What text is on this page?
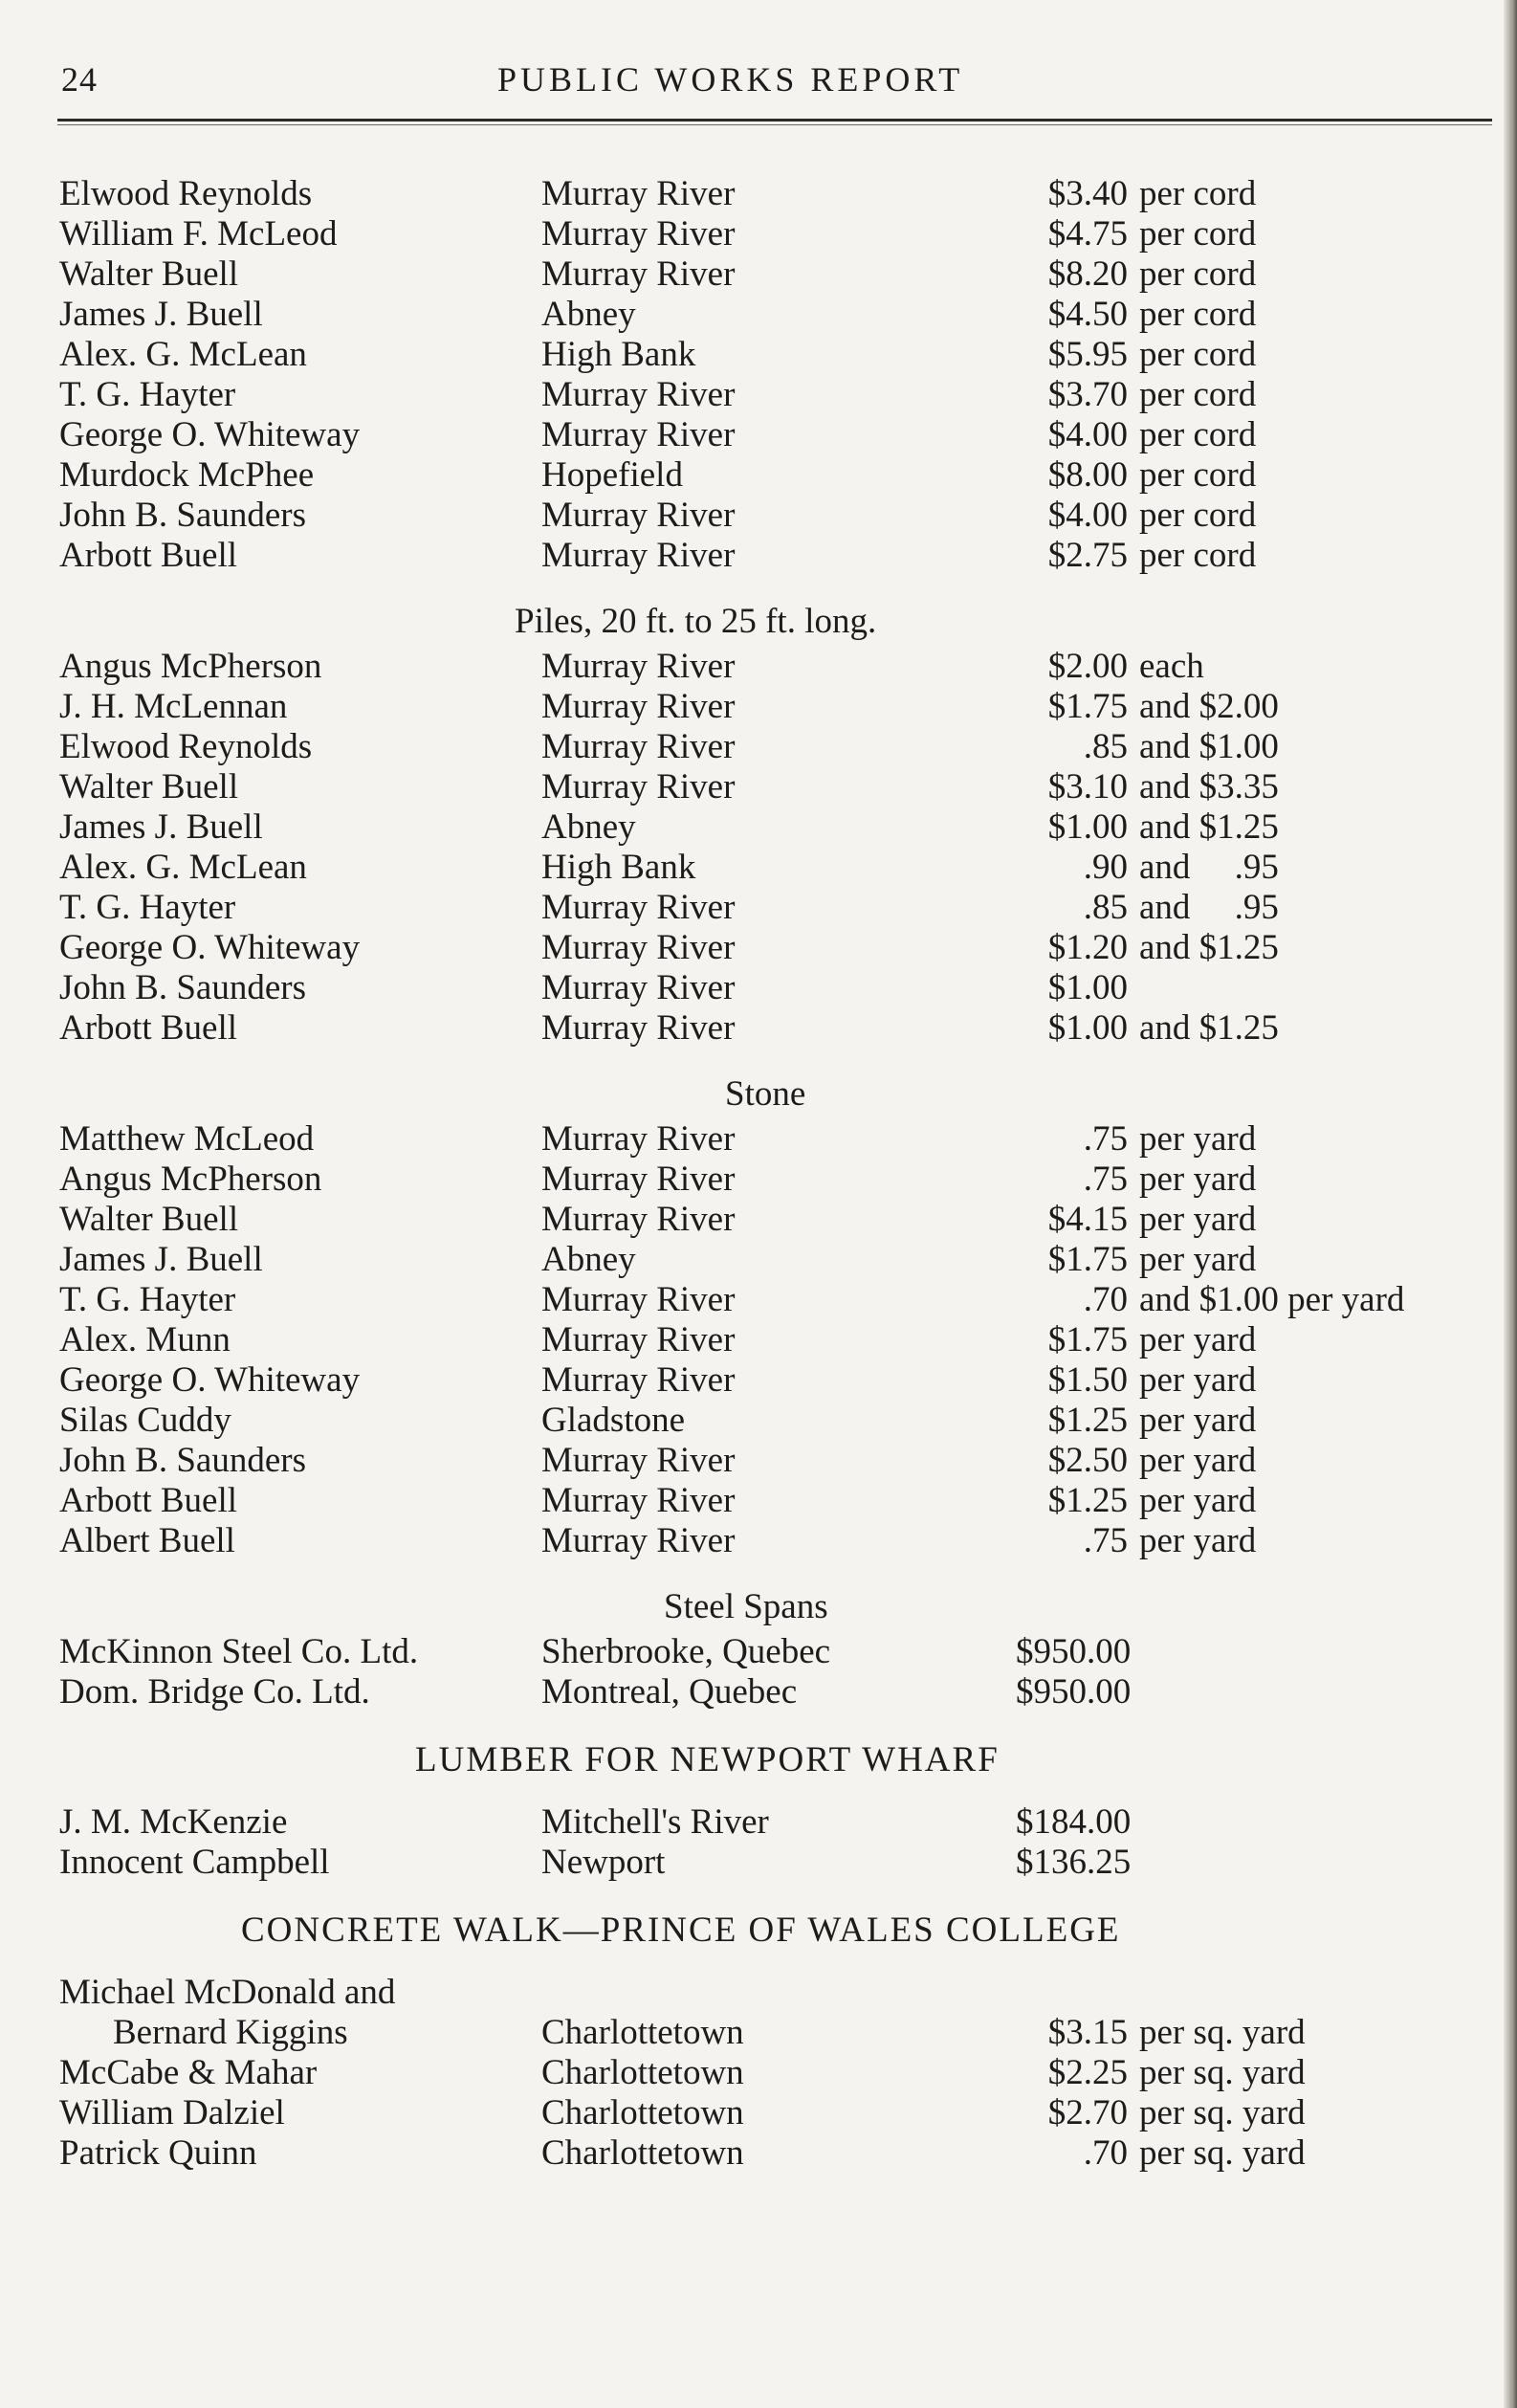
24	PUBLIC WORKS REPORT
Elwood Reynolds	Murray River	$3.40 per cord
William F. McLeod	Murray River	$4.75 per cord
Walter Buell	Murray River	$8.20 per cord
James J. Buell	Abney	$4.50 per cord
Alex. G. McLean	High Bank	$5.95 per cord
T. G. Hayter	Murray River	$3.70 per cord
George O. Whiteway	Murray River	$4.00 per cord
Murdock McPhee	Hopefield	$8.00 per cord
John B. Saunders	Murray River	$4.00 per cord
Arbott Buell	Murray River	$2.75 per cord
Piles, 20 ft. to 25 ft. long.
Angus McPherson	Murray River	$2.00 each
J. H. McLennan	Murray River	$1.75 and $2.00
Elwood Reynolds	Murray River	.85 and $1.00
Walter Buell	Murray River	$3.10 and $3.35
James J. Buell	Abney	$1.00 and $1.25
Alex. G. McLean	High Bank	.90 and     .95
T. G. Hayter	Murray River	.85 and     .95
George O. Whiteway	Murray River	$1.20 and $1.25
John B. Saunders	Murray River	$1.00
Arbott Buell	Murray River	$1.00 and $1.25
Stone
Matthew McLeod	Murray River	.75 per yard
Angus McPherson	Murray River	.75 per yard
Walter Buell	Murray River	$4.15 per yard
James J. Buell	Abney	$1.75 per yard
T. G. Hayter	Murray River	.70 and $1.00 per yard
Alex. Munn	Murray River	$1.75 per yard
George O. Whiteway	Murray River	$1.50 per yard
Silas Cuddy	Gladstone	$1.25 per yard
John B. Saunders	Murray River	$2.50 per yard
Arbott Buell	Murray River	$1.25 per yard
Albert Buell	Murray River	.75 per yard
Steel Spans
McKinnon Steel Co. Ltd.	Sherbrooke, Quebec	$950.00
Dom. Bridge Co. Ltd.	Montreal, Quebec	$950.00
LUMBER FOR NEWPORT WHARF
J. M. McKenzie	Mitchell's River	$184.00
Innocent Campbell	Newport	$136.25
CONCRETE WALK—PRINCE OF WALES COLLEGE
Michael McDonald and
Bernard Kiggins	Charlottetown	$3.15 per sq. yard
McCabe & Mahar	Charlottetown	$2.25 per sq. yard
William Dalziel	Charlottetown	$2.70 per sq. yard
Patrick Quinn	Charlottetown	.70 per sq. yard
